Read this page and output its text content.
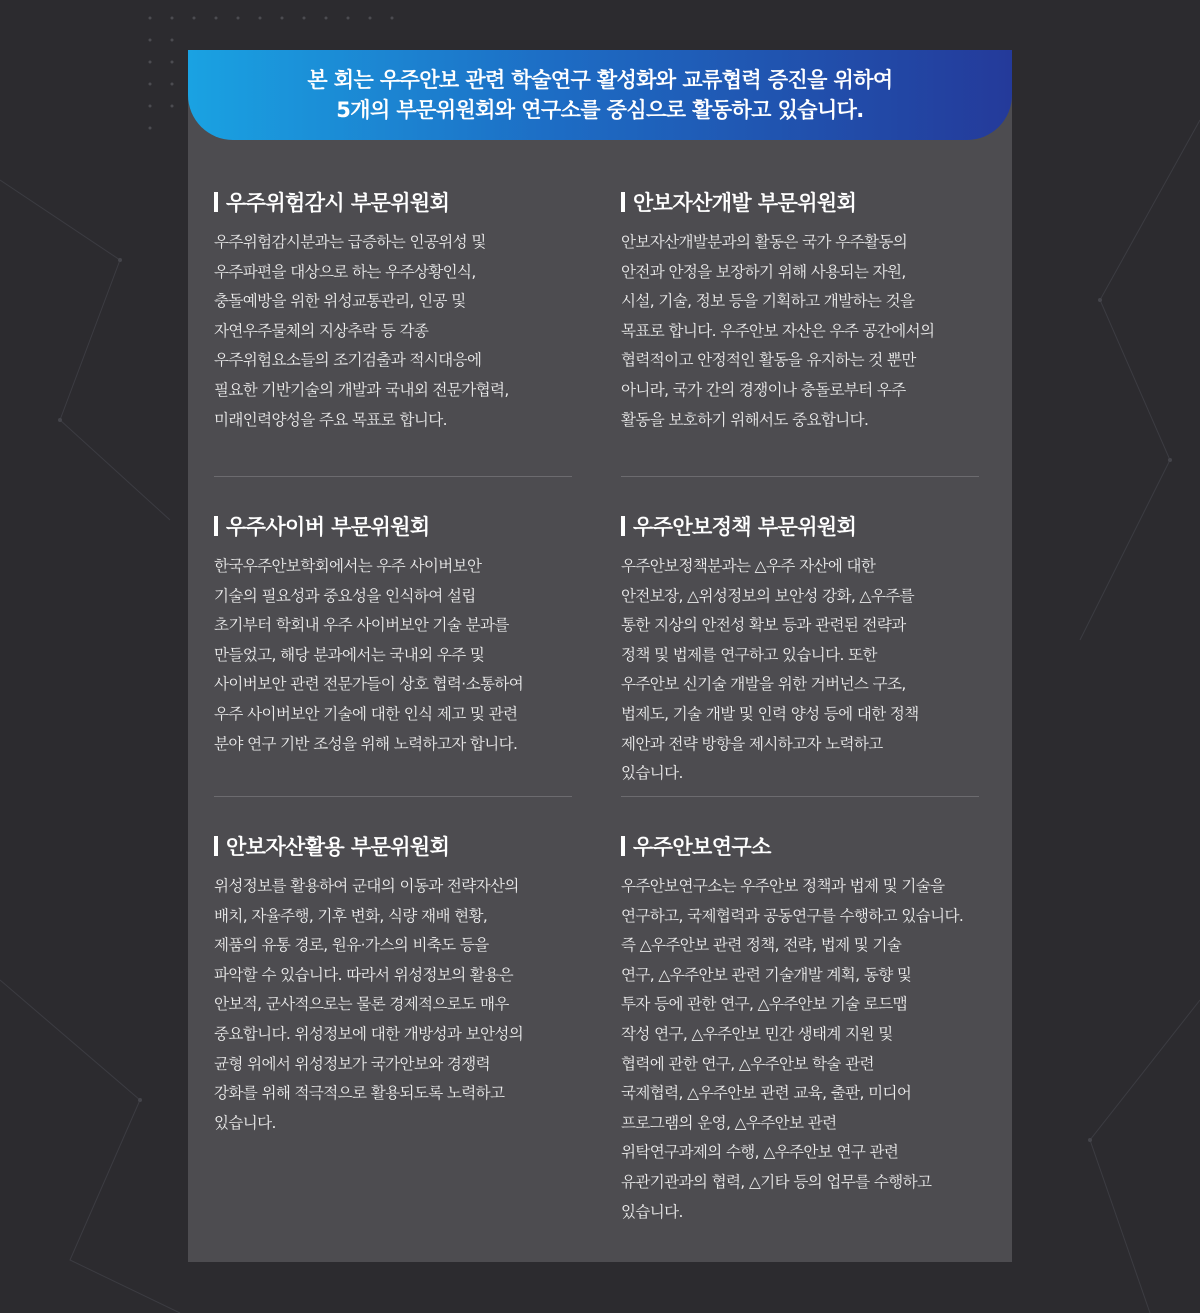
본 회는 우주안보 관련 학술연구 활성화와 교류협력 증진을 위하여
5개의 부문위원회와 연구소를 중심으로 활동하고 있습니다.
우주위험감시 부문위원회
우주위험감시분과는 급증하는 인공위성 및
우주파편을 대상으로 하는 우주상황인식,
충돌예방을 위한 위성교통관리, 인공 및
자연우주물체의 지상추락 등 각종
우주위험요소들의 조기검출과 적시대응에
필요한 기반기술의 개발과 국내외 전문가협력,
미래인력양성을 주요 목표로 합니다.
안보자산개발 부문위원회
안보자산개발분과의 활동은 국가 우주활동의
안전과 안정을 보장하기 위해 사용되는 자원,
시설, 기술, 정보 등을 기획하고 개발하는 것을
목표로 합니다. 우주안보 자산은 우주 공간에서의
협력적이고 안정적인 활동을 유지하는 것 뿐만
아니라, 국가 간의 경쟁이나 충돌로부터 우주
활동을 보호하기 위해서도 중요합니다.
우주사이버 부문위원회
한국우주안보학회에서는 우주 사이버보안
기술의 필요성과 중요성을 인식하여 설립
초기부터 학회내 우주 사이버보안 기술 분과를
만들었고, 해당 분과에서는 국내외 우주 및
사이버보안 관련 전문가들이 상호 협력·소통하여
우주 사이버보안 기술에 대한 인식 제고 및 관련
분야 연구 기반 조성을 위해 노력하고자 합니다.
우주안보정책 부문위원회
우주안보정책분과는 △우주 자산에 대한
안전보장, △위성정보의 보안성 강화, △우주를
통한 지상의 안전성 확보 등과 관련된 전략과
정책 및 법제를 연구하고 있습니다. 또한
우주안보 신기술 개발을 위한 거버넌스 구조,
법제도, 기술 개발 및 인력 양성 등에 대한 정책
제안과 전략 방향을 제시하고자 노력하고
있습니다.
안보자산활용 부문위원회
위성정보를 활용하여 군대의 이동과 전략자산의
배치, 자율주행, 기후 변화, 식량 재배 현황,
제품의 유통 경로, 원유·가스의 비축도 등을
파악할 수 있습니다. 따라서 위성정보의 활용은
안보적, 군사적으로는 물론 경제적으로도 매우
중요합니다. 위성정보에 대한 개방성과 보안성의
균형 위에서 위성정보가 국가안보와 경쟁력
강화를 위해 적극적으로 활용되도록 노력하고
있습니다.
우주안보연구소
우주안보연구소는 우주안보 정책과 법제 및 기술을
연구하고, 국제협력과 공동연구를 수행하고 있습니다.
즉 △우주안보 관련 정책, 전략, 법제 및 기술
연구, △우주안보 관련 기술개발 계획, 동향 및
투자 등에 관한 연구, △우주안보 기술 로드맵
작성 연구, △우주안보 민간 생태계 지원 및
협력에 관한 연구, △우주안보 학술 관련
국제협력, △우주안보 관련 교육, 출판, 미디어
프로그램의 운영, △우주안보 관련
위탁연구과제의 수행, △우주안보 연구 관련
유관기관과의 협력, △기타 등의 업무를 수행하고
있습니다.
